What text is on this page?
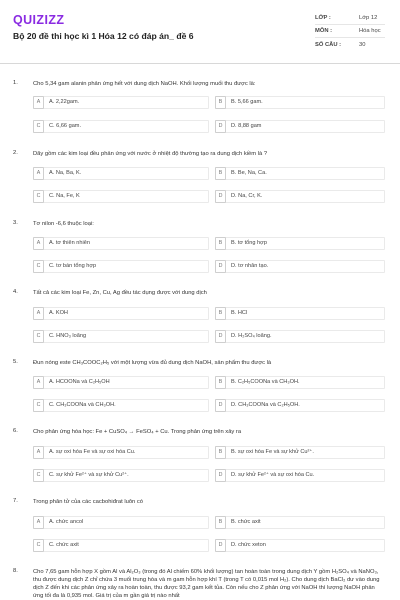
QUIZIZZ
Bộ 20 đề thi học kì 1 Hóa 12 có đáp án_ đề 6
LỚP :	Lớp 12
MÔN :	Hóa học
SỐ CÂU :	30
1.	Cho 5,34 gam alanin phản ứng hết với dung dịch NaOH. Khối lượng muối thu được là:
A	A. 2,22gam.	B	B. 5,66 gam.
C	C. 6,66 gam.	D	D. 8,88 gam
2.	Dãy gồm các kim loại đều phản ứng với nước ở nhiệt độ thường tạo ra dung dịch kiềm là ?
A	A. Na, Ba, K.	B	B. Be, Na, Ca.
C	C. Na, Fe, K	D	D. Na, Cr, K.
3.	Tơ nilon -6,6 thuộc loại:
A	A. tơ thiên nhiên	B	B. tơ tổng hợp
C	C. tơ bán tổng hợp	D	D. tơ nhân tạo.
4.	Tất cả các kim loại Fe, Zn, Cu, Ag đều tác dụng được với dung dịch
A	A. KOH	B	B. HCl
C	C. HNO₃ loãng	D	D. H₂SO₄ loãng.
5.	Đun nóng este CH₃COOC₂H₅ với một lượng vừa đủ dung dịch NaOH, sản phẩm thu được là
A	A. HCOONa và C₂H₅OH	B	B. C₂H₅COONa và CH₃OH.
C	C. CH₃COONa và CH₃OH.	D	D. CH₃COONa và C₂H₅OH.
6.	Cho phản ứng hóa học: Fe + CuSO₄ → FeSO₄ + Cu. Trong phản ứng trên xảy ra
A	A. sự oxi hóa Fe và sự oxi hóa Cu.	B	B. sự oxi hóa Fe và sự khử Cu²⁺.
C	C. sự khử Fe²⁺ và sự khử Cu²⁺.	D	D. sự khử Fe²⁺ và sự oxi hóa Cu.
7.	Trong phân tử của các cacbohiđrat luôn có
A	A. chức ancol	B	B. chức axit
C	C. chức axit	D	D. chức xeton
8.	Cho 7,65 gam hỗn hợp X gồm Al và Al₂O₃ (trong đó Al chiếm 60% khối lượng) tan hoàn toàn trong dung dịch Y gồm H₂SO₄ và NaNO₃, thu được dung dịch Z chỉ chứa 3 muối trung hòa và m gam hỗn hợp khí T (trong T có 0,015 mol H₂). Cho dung dịch BaCl₂ dư vào dung dịch Z đến khi các phản ứng xảy ra hoàn toàn, thu được 93,2 gam kết tủa. Còn nếu cho Z phản ứng với NaOH thì lượng NaOH phản ứng tối đa là 0,935 mol. Giá trị của m gần giá trị nào nhất
